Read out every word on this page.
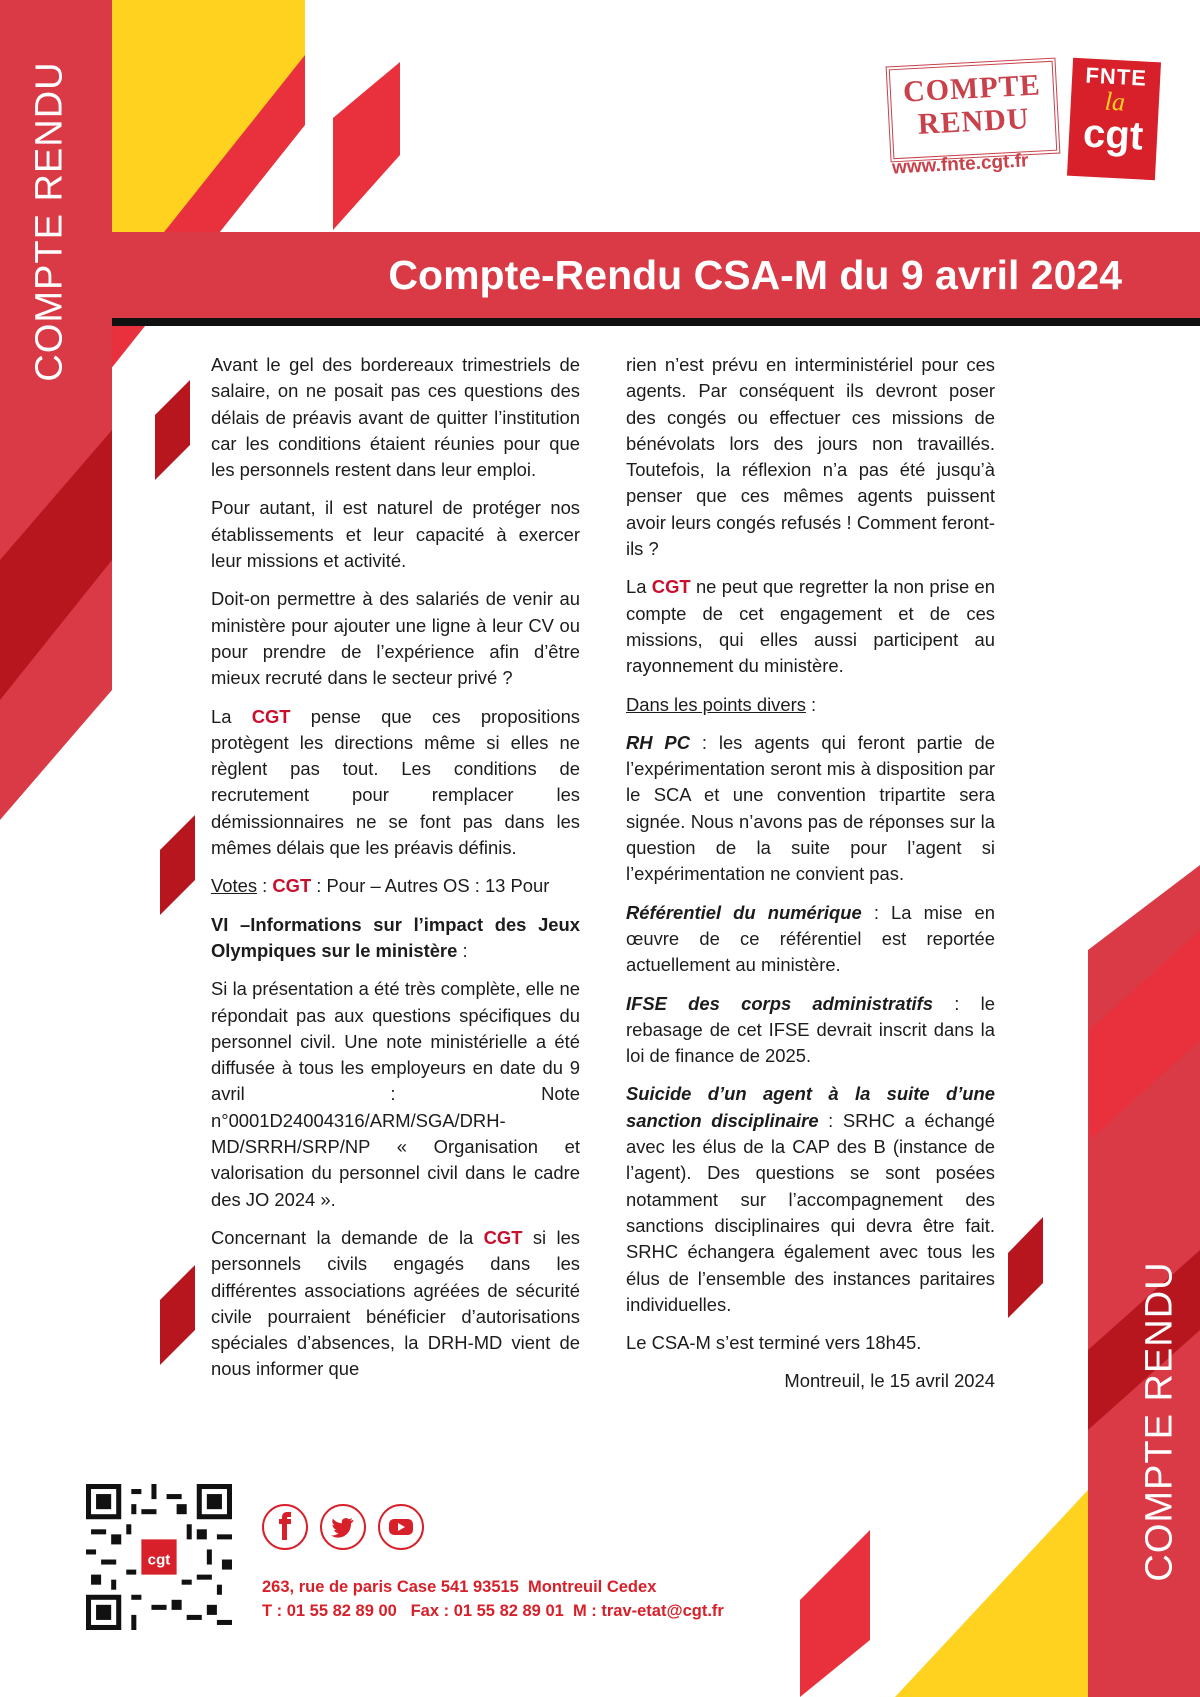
COMPTE RENDU
COMPTE RENDU
COMPTE
RENDU
www.fnte.cgt.fr
FNTE
la
cgt
Compte-Rendu CSA-M du 9 avril 2024

Avant le gel des bordereaux trimestriels de salaire, on ne posait pas ces questions des délais de préavis avant de quitter l’institution car les conditions étaient réunies pour que les personnels restent dans leur emploi.

Pour autant, il est naturel de protéger nos établissements et leur capacité à exercer leur missions et activité.

Doit-on permettre à des salariés de venir au ministère pour ajouter une ligne à leur CV ou pour prendre de l’expérience afin d’être mieux recruté dans le secteur privé ?

La CGT pense que ces propositions protègent les directions même si elles ne règlent pas tout. Les conditions de recrutement pour remplacer les démissionnaires ne se font pas dans les mêmes délais que les préavis définis.

Votes : CGT : Pour – Autres OS : 13 Pour

VI –Informations sur l’impact des Jeux Olympiques sur le ministère :

Si la présentation a été très complète, elle ne répondait pas aux questions spécifiques du personnel civil. Une note ministérielle a été diffusée à tous les employeurs en date du 9 avril : Note n°0001D24004316/ARM/SGA/DRH-MD/SRRH/SRP/NP « Organisation et valorisation du personnel civil dans le cadre des JO 2024 ».

Concernant la demande de la CGT si les personnels civils engagés dans les différentes associations agréées de sécurité civile pourraient bénéficier d’autorisations spéciales d’absences, la DRH-MD vient de nous informer que

rien n’est prévu en interministériel pour ces agents. Par conséquent ils devront poser des congés ou effectuer ces missions de bénévolats lors des jours non travaillés. Toutefois, la réflexion n’a pas été jusqu’à penser que ces mêmes agents puissent avoir leurs congés refusés ! Comment feront-ils ?

La CGT ne peut que regretter la non prise en compte de cet engagement et de ces missions, qui elles aussi participent au rayonnement du ministère.

Dans les points divers :

RH PC : les agents qui feront partie de l’expérimentation seront mis à disposition par le SCA et une convention tripartite sera signée. Nous n’avons pas de réponses sur la question de la suite pour l’agent si l’expérimentation ne convient pas.

Référentiel du numérique : La mise en œuvre de ce référentiel est reportée actuellement au ministère.

IFSE des corps administratifs : le rebasage de cet IFSE devrait inscrit dans la loi de finance de 2025.

Suicide d’un agent à la suite d’une sanction disciplinaire : SRHC a échangé avec les élus de la CAP des B (instance de l’agent). Des questions se sont posées notamment sur l’accompagnement des sanctions disciplinaires qui devra être fait. SRHC échangera également avec tous les élus de l’ensemble des instances paritaires individuelles.

Le CSA-M s’est terminé vers 18h45.

Montreuil, le 15 avril 2024

cgt
263, rue de paris Case 541 93515  Montreuil Cedex
T : 01 55 82 89 00   Fax : 01 55 82 89 01  M : trav-etat@cgt.fr
